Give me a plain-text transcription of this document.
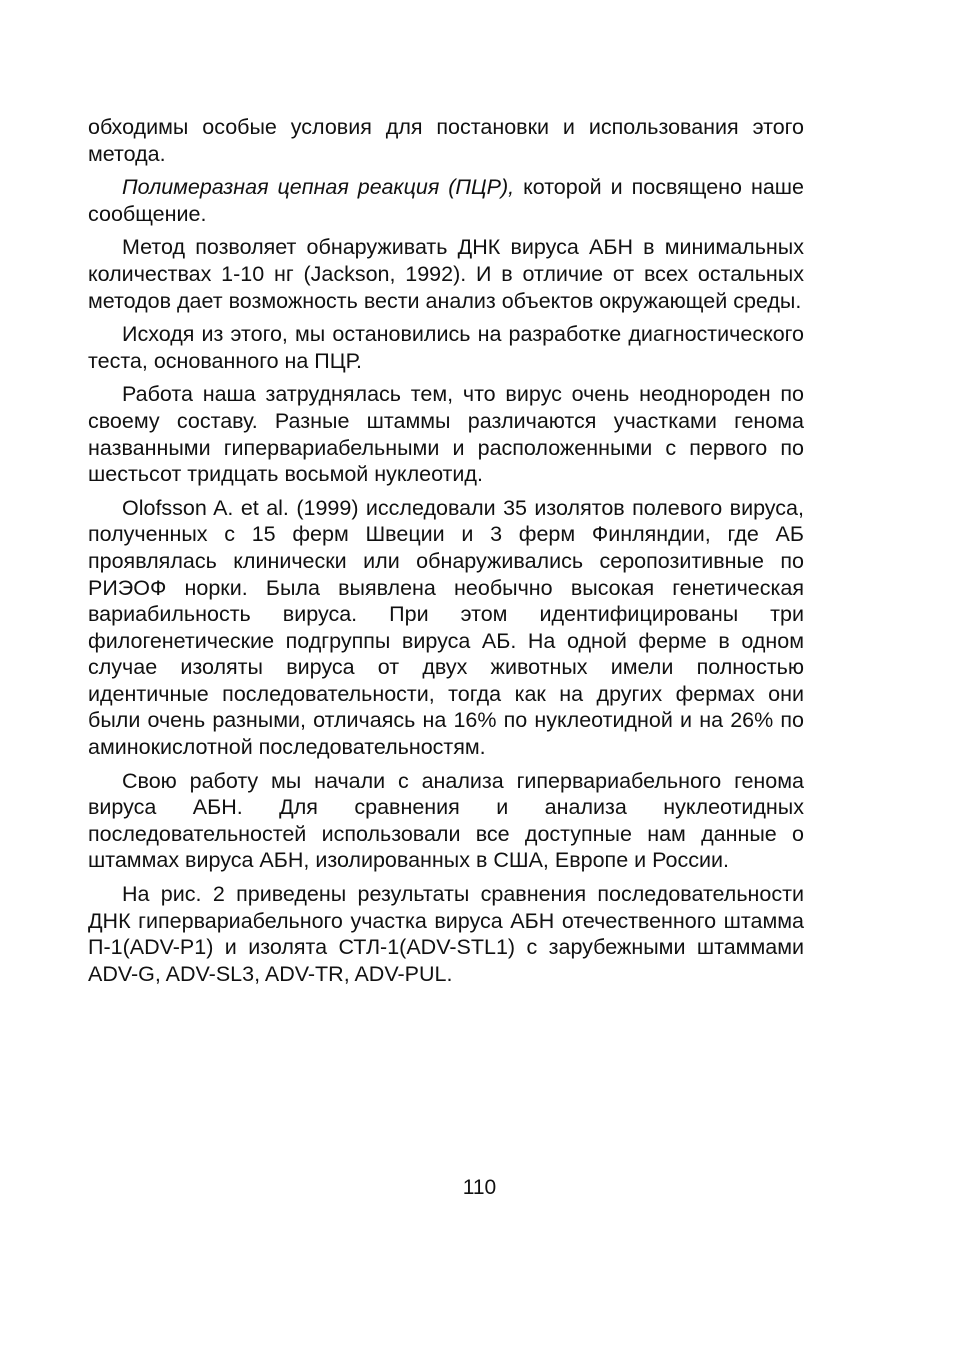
обходимы особые условия для постановки и использования этого метода.

Полимеразная цепная реакция (ПЦР), которой и посвящено наше сообщение.

Метод позволяет обнаруживать ДНК вируса АБН в минимальных количествах 1-10 нг (Jackson, 1992). И в отличие от всех остальных методов дает возможность вести анализ объектов окружающей среды.

Исходя из этого, мы остановились на разработке диагностического теста, основанного на ПЦР.

Работа наша затруднялась тем, что вирус очень неоднороден по своему составу. Разные штаммы различаются участками генома названными гипервариабельными и расположенными с первого по шестьсот тридцать восьмой нуклеотид.

Olofsson A. et al. (1999) исследовали 35 изолятов полевого вируса, полученных с 15 ферм Швеции и 3 ферм Финляндии, где АБ проявлялась клинически или обнаруживались серопозитивные по РИЭОФ норки. Была выявлена необычно высокая генетическая вариабильность вируса. При этом идентифицированы три филогенетические подгруппы вируса АБ. На одной ферме в одном случае изоляты вируса от двух животных имели полностью идентичные последовательности, тогда как на других фермах они были очень разными, отличаясь на 16% по нуклеотидной и на 26% по аминокислотной последовательностям.

Свою работу мы начали с анализа гипервариабельного генома вируса АБН. Для сравнения и анализа нуклеотидных последовательностей использовали все доступные нам данные о штаммах вируса АБН, изолированных в США, Европе и России.

На рис. 2 приведены результаты сравнения последовательности ДНК гипервариабельного участка вируса АБН отечественного штамма П-1(ADV-P1) и изолята СТЛ-1(ADV-STL1) с зарубежными штаммами ADV-G, ADV-SL3, ADV-TR, ADV-PUL.

110
